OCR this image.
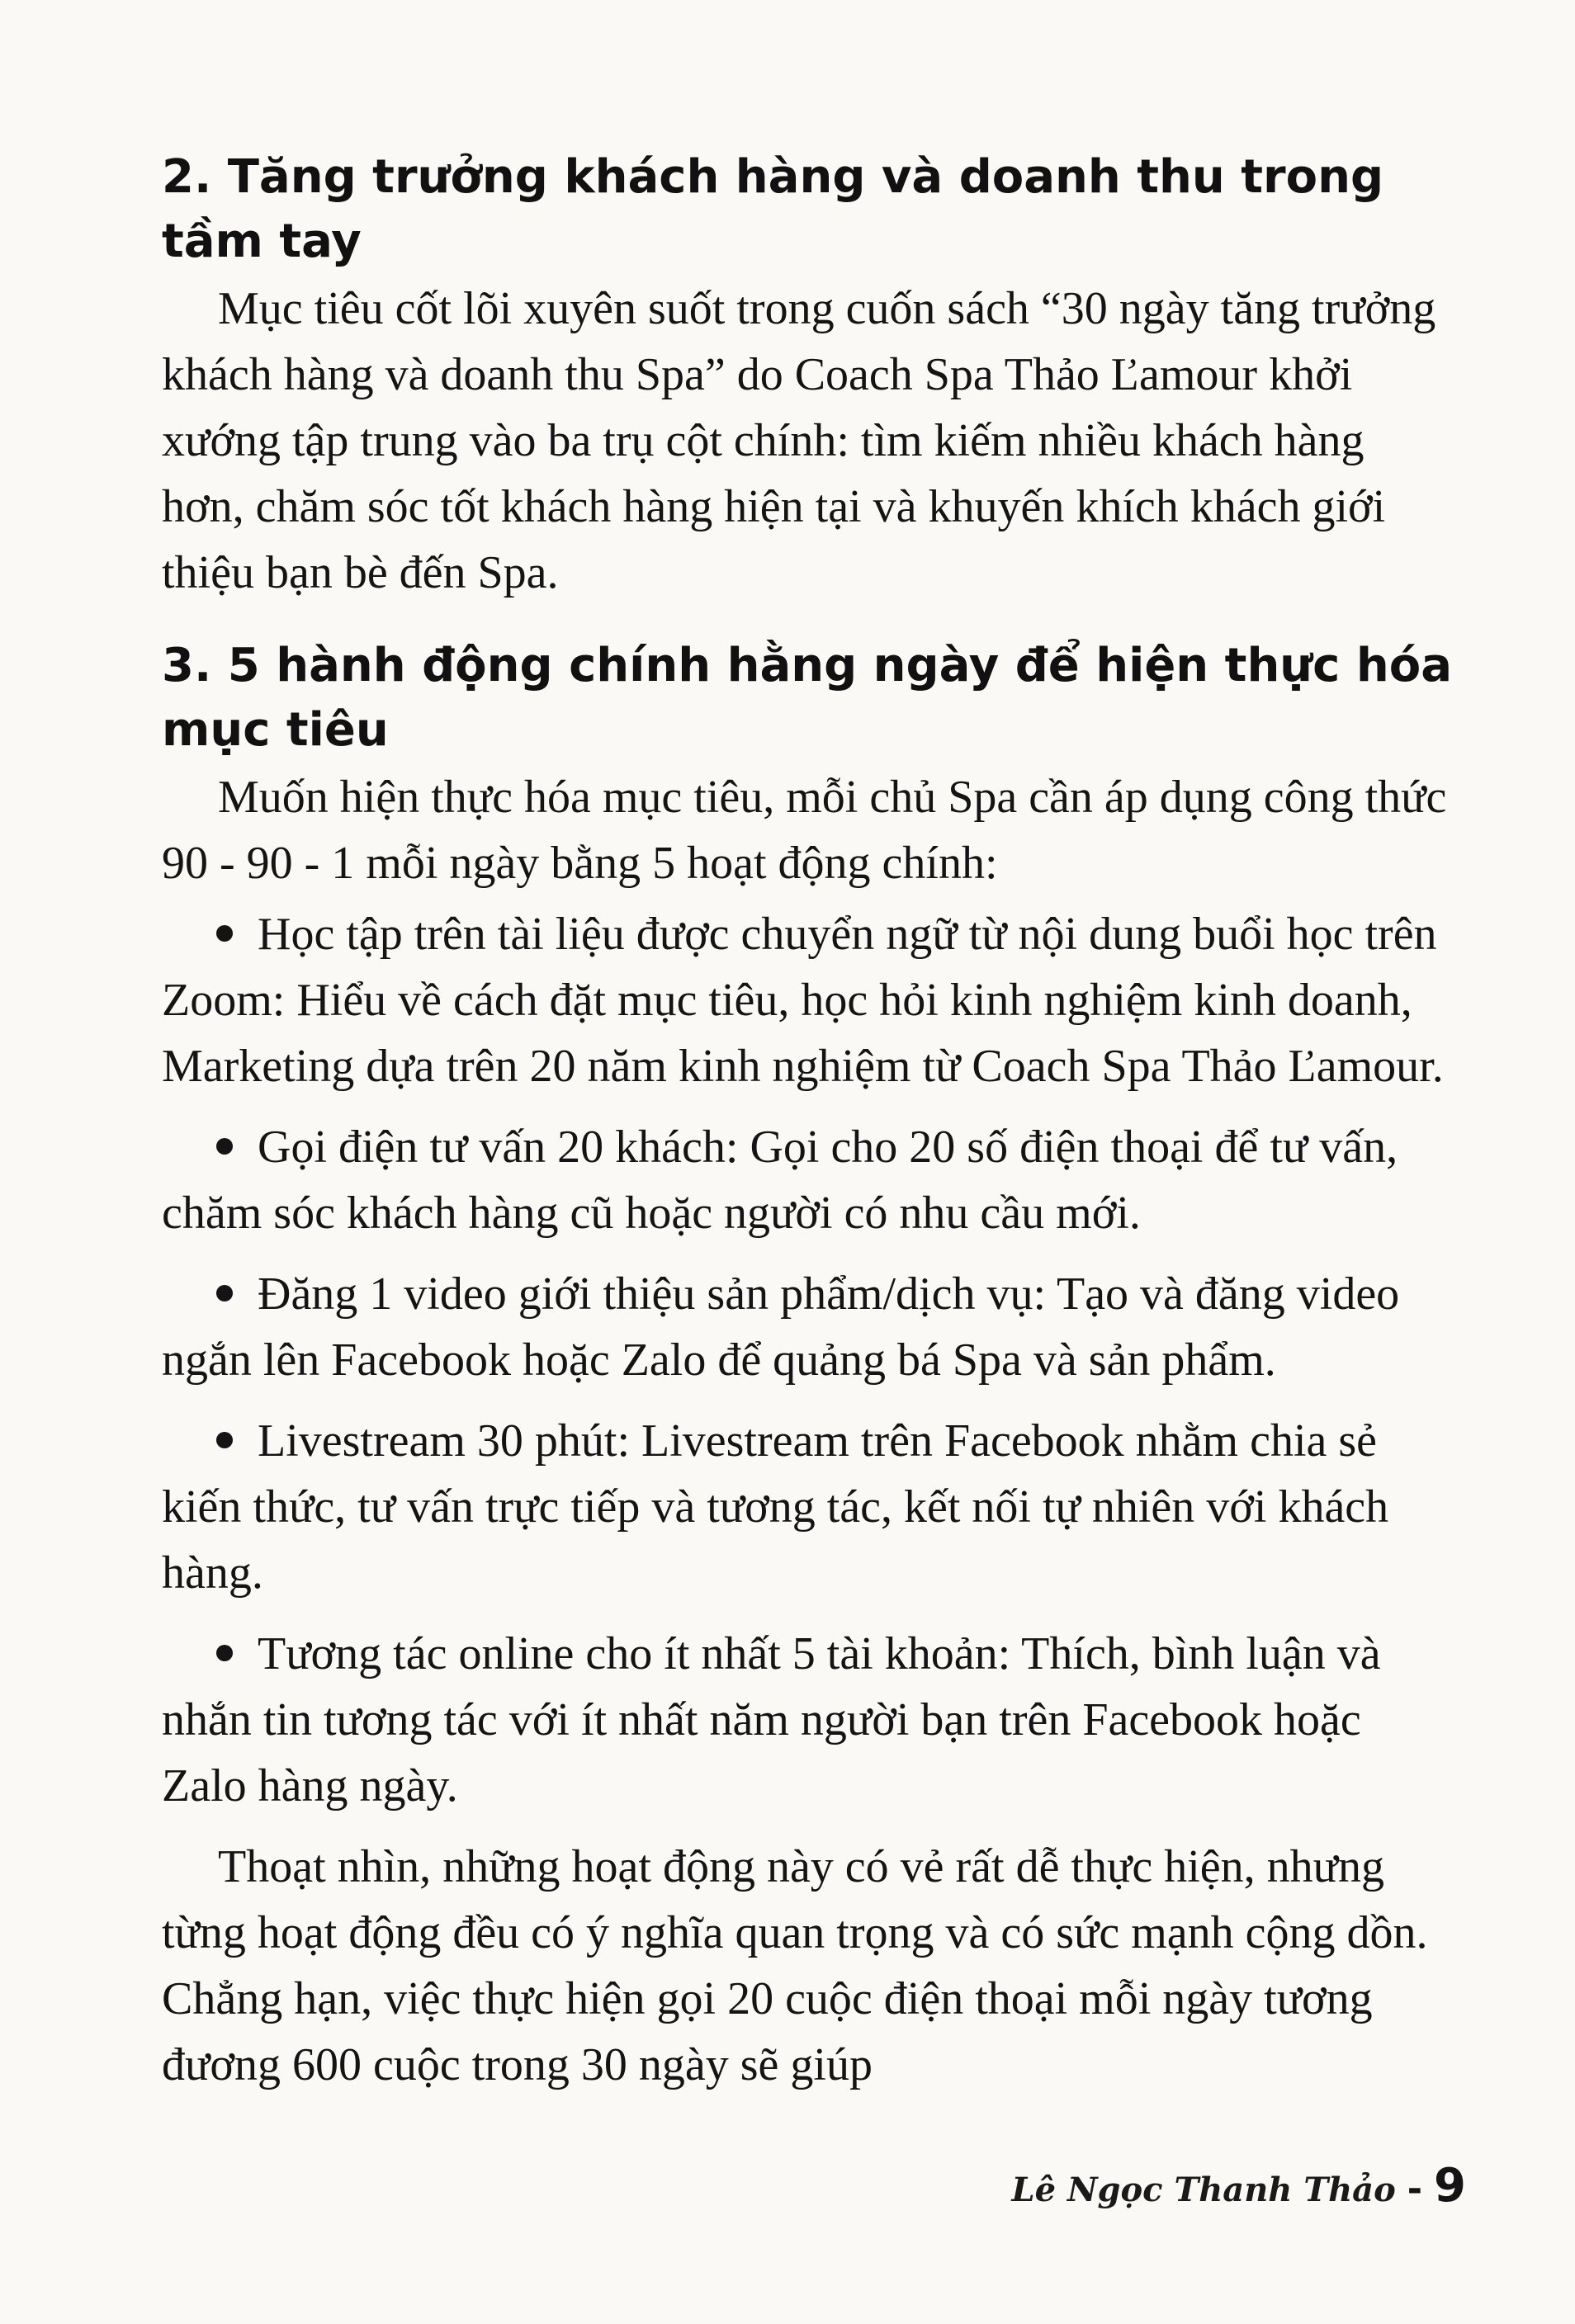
2. Tăng trưởng khách hàng và doanh thu trong tầm tay

Mục tiêu cốt lõi xuyên suốt trong cuốn sách “30 ngày tăng trưởng khách hàng và doanh thu Spa” do Coach Spa Thảo Ľamour khởi xướng tập trung vào ba trụ cột chính: tìm kiếm nhiều khách hàng hơn, chăm sóc tốt khách hàng hiện tại và khuyến khích khách giới thiệu bạn bè đến Spa.

3. 5 hành động chính hằng ngày để hiện thực hóa mục tiêu

Muốn hiện thực hóa mục tiêu, mỗi chủ Spa cần áp dụng công thức 90 - 90 - 1 mỗi ngày bằng 5 hoạt động chính:

Học tập trên tài liệu được chuyển ngữ từ nội dung buổi học trên Zoom: Hiểu về cách đặt mục tiêu, học hỏi kinh nghiệm kinh doanh, Marketing dựa trên 20 năm kinh nghiệm từ Coach Spa Thảo Ľamour.
Gọi điện tư vấn 20 khách: Gọi cho 20 số điện thoại để tư vấn, chăm sóc khách hàng cũ hoặc người có nhu cầu mới.
Đăng 1 video giới thiệu sản phẩm/dịch vụ: Tạo và đăng video ngắn lên Facebook hoặc Zalo để quảng bá Spa và sản phẩm.
Livestream 30 phút: Livestream trên Facebook nhằm chia sẻ kiến thức, tư vấn trực tiếp và tương tác, kết nối tự nhiên với khách hàng.
Tương tác online cho ít nhất 5 tài khoản: Thích, bình luận và nhắn tin tương tác với ít nhất năm người bạn trên Facebook hoặc Zalo hàng ngày.

Thoạt nhìn, những hoạt động này có vẻ rất dễ thực hiện, nhưng từng hoạt động đều có ý nghĩa quan trọng và có sức mạnh cộng dồn. Chẳng hạn, việc thực hiện gọi 20 cuộc điện thoại mỗi ngày tương đương 600 cuộc trong 30 ngày sẽ giúp

Lê Ngọc Thanh Thảo - 9
